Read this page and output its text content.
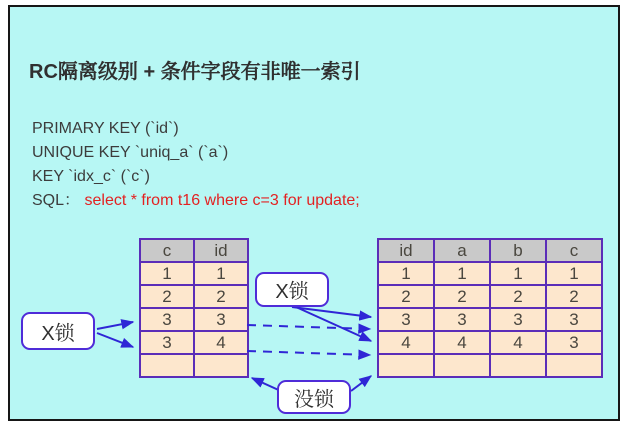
RC隔离级别 + 条件字段有非唯一索引
PRIMARY KEY (`id`)
UNIQUE KEY `uniq_a` (`a`)
KEY `idx_c` (`c`)
SQL： select * from t16 where c=3 for update;
c	id
1	1
2	2
3	3
3	4

id	a	b	c
1	1	1	1
2	2	2	2
3	3	3	3
4	4	4	3

X锁
X锁
没锁
